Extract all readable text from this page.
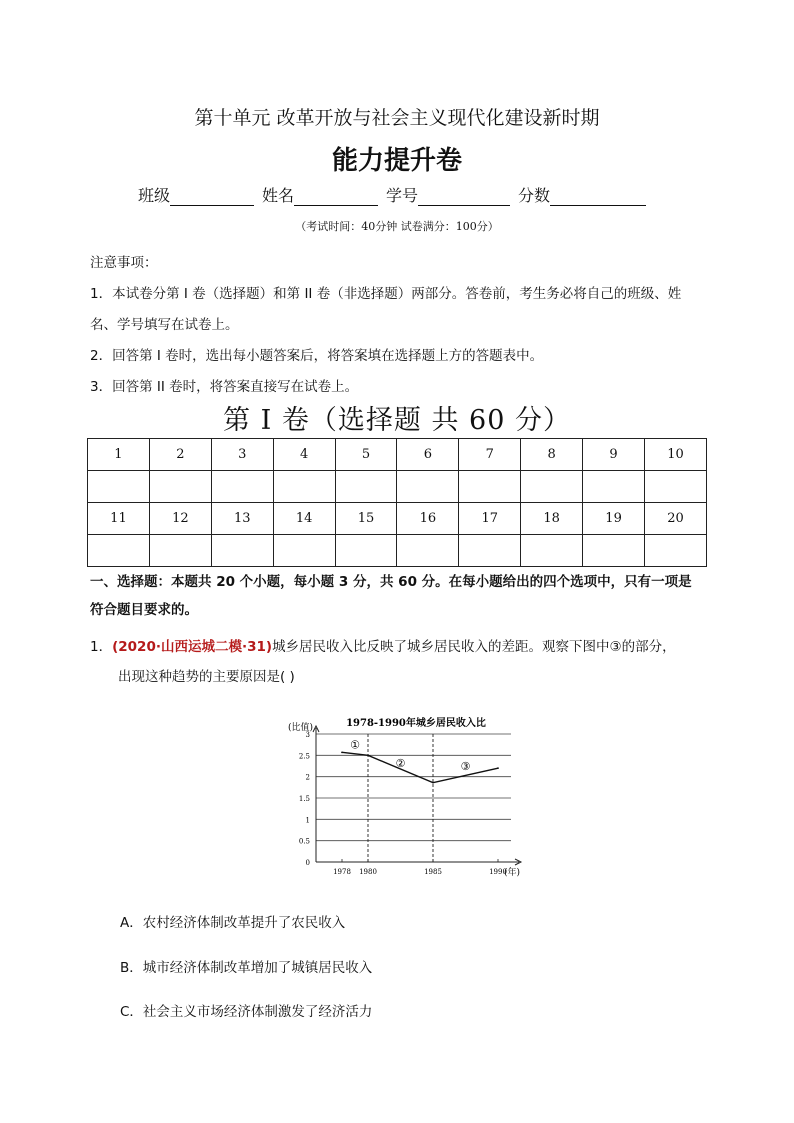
第十单元 改革开放与社会主义现代化建设新时期
能力提升卷
班级	姓名	学号	分数
（考试时间：40分钟 试卷满分：100分）

注意事项：

1．本试卷分第 I 卷（选择题）和第 II 卷（非选择题）两部分。答卷前，考生务必将自己的班级、姓

名、学号填写在试卷上。

2．回答第 I 卷时，选出每小题答案后，将答案填在选择题上方的答题表中。

3．回答第 II 卷时，将答案直接写在试卷上。

第 I 卷（选择题 共 60 分）
1	2	3	4	5	6	7	8	9	10

11	12	13	14	15	16	17	18	19	20

一、选择题：本题共 20 个小题，每小题 3 分，共 60 分。在每小题给出的四个选项中，只有一项是
符合题目要求的。
1．(2020·山西运城二模·31)城乡居民收入比反映了城乡居民收入的差距。观察下图中③的部分，
出现这种趋势的主要原因是( )
1978-1990年城乡居民收入比
(比值)
(年)
0
0.5
1
1.5
2
2.5
3
1978 1980	1985	1990
①
②	③
A．农村经济体制改革提升了农民收入
B．城市经济体制改革增加了城镇居民收入
C．社会主义市场经济体制激发了经济活力
